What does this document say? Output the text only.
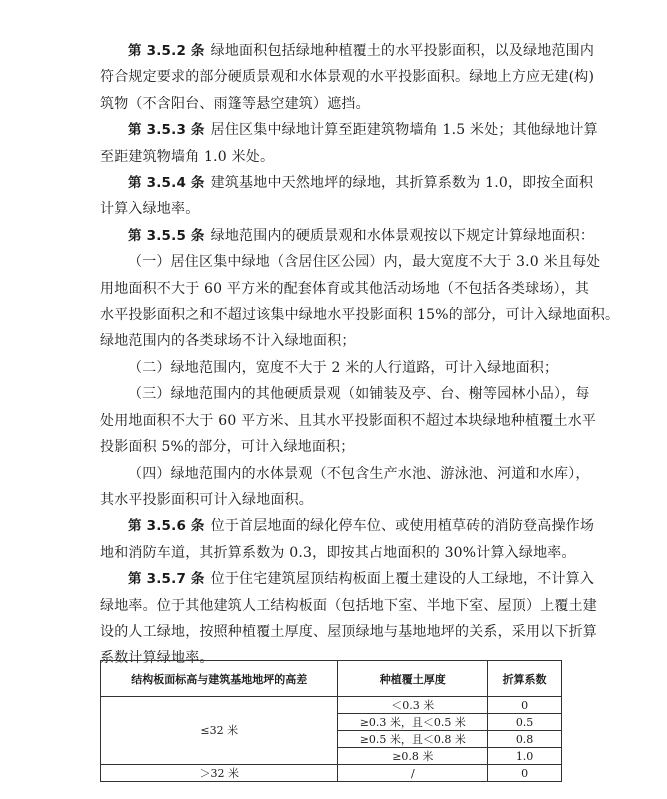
第 3.5.2 条 绿地面积包括绿地种植覆土的水平投影面积，以及绿地范围内
符合规定要求的部分硬质景观和水体景观的水平投影面积。绿地上方应无建(构)
筑物（不含阳台、雨篷等悬空建筑）遮挡。

第 3.5.3 条 居住区集中绿地计算至距建筑物墙角 1.5 米处；其他绿地计算
至距建筑物墙角 1.0 米处。

第 3.5.4 条 建筑基地中天然地坪的绿地，其折算系数为 1.0，即按全面积
计算入绿地率。

第 3.5.5 条 绿地范围内的硬质景观和水体景观按以下规定计算绿地面积：

（一）居住区集中绿地（含居住区公园）内，最大宽度不大于 3.0 米且每处
用地面积不大于 60 平方米的配套体育或其他活动场地（不包括各类球场），其
水平投影面积之和不超过该集中绿地水平投影面积 15%的部分，可计入绿地面积。
绿地范围内的各类球场不计入绿地面积；

（二）绿地范围内，宽度不大于 2 米的人行道路，可计入绿地面积；

（三）绿地范围内的其他硬质景观（如铺装及亭、台、榭等园林小品），每
处用地面积不大于 60 平方米、且其水平投影面积不超过本块绿地种植覆土水平
投影面积 5%的部分，可计入绿地面积；

（四）绿地范围内的水体景观（不包含生产水池、游泳池、河道和水库），
其水平投影面积可计入绿地面积。

第 3.5.6 条 位于首层地面的绿化停车位、或使用植草砖的消防登高操作场
地和消防车道，其折算系数为 0.3，即按其占地面积的 30%计算入绿地率。

第 3.5.7 条 位于住宅建筑屋顶结构板面上覆土建设的人工绿地，不计算入
绿地率。位于其他建筑人工结构板面（包括地下室、半地下室、屋顶）上覆土建
设的人工绿地，按照种植覆土厚度、屋顶绿地与基地地坪的关系，采用以下折算
系数计算绿地率。

结构板面标高与建筑基地地坪的高差	种植覆土厚度	折算系数
≤32 米	＜0.3 米	0
	≥0.3 米，且＜0.5 米	0.5
	≥0.5 米，且＜0.8 米	0.8
	≥0.8 米	1.0
＞32 米	/	0
